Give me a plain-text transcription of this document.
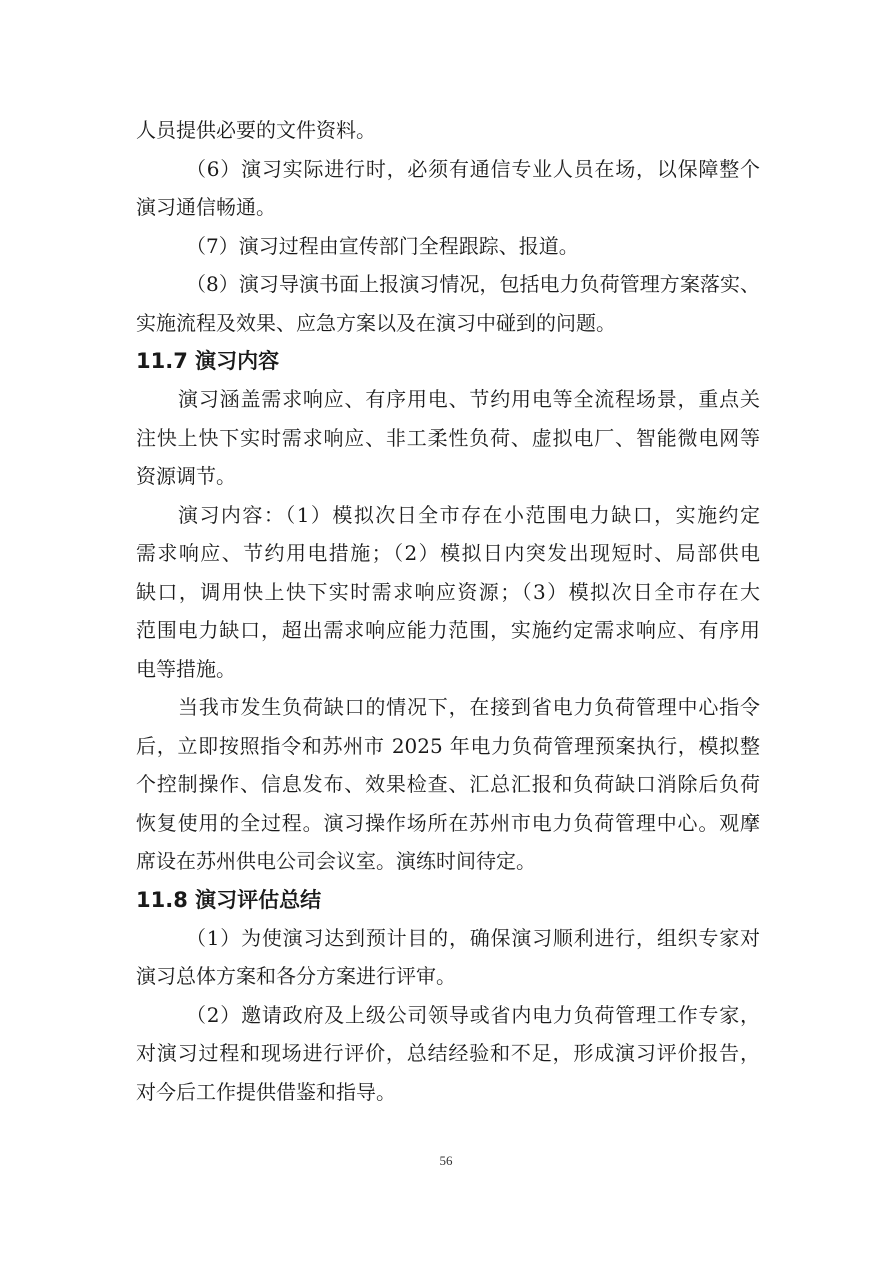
人员提供必要的文件资料。
（6）演习实际进行时，必须有通信专业人员在场，以保障整个
演习通信畅通。
（7）演习过程由宣传部门全程跟踪、报道。
（8）演习导演书面上报演习情况，包括电力负荷管理方案落实、
实施流程及效果、应急方案以及在演习中碰到的问题。
11.7 演习内容
演习涵盖需求响应、有序用电、节约用电等全流程场景，重点关
注快上快下实时需求响应、非工柔性负荷、虚拟电厂、智能微电网等
资源调节。
演习内容：（1）模拟次日全市存在小范围电力缺口，实施约定
需求响应、节约用电措施；（2）模拟日内突发出现短时、局部供电
缺口，调用快上快下实时需求响应资源；（3）模拟次日全市存在大
范围电力缺口，超出需求响应能力范围，实施约定需求响应、有序用
电等措施。
当我市发生负荷缺口的情况下，在接到省电力负荷管理中心指令
后，立即按照指令和苏州市 2025 年电力负荷管理预案执行，模拟整
个控制操作、信息发布、效果检查、汇总汇报和负荷缺口消除后负荷
恢复使用的全过程。演习操作场所在苏州市电力负荷管理中心。观摩
席设在苏州供电公司会议室。演练时间待定。
11.8 演习评估总结
（1）为使演习达到预计目的，确保演习顺利进行，组织专家对
演习总体方案和各分方案进行评审。
（2）邀请政府及上级公司领导或省内电力负荷管理工作专家，
对演习过程和现场进行评价，总结经验和不足，形成演习评价报告，
对今后工作提供借鉴和指导。
56
